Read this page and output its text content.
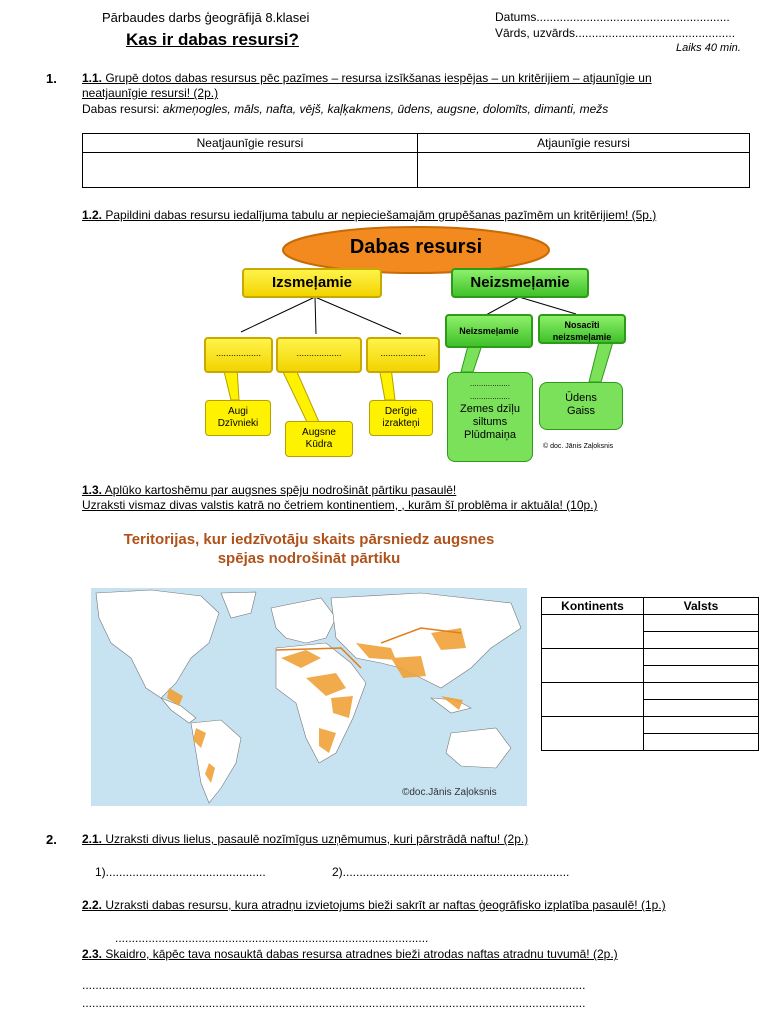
Pārbaudes darbs ģeogrāfijā 8.klasei
Kas ir dabas resursi?
Datums..........................................................
Vārds, uzvārds................................................
Laiks 40 min.
1. 1.1. Grupē dotos dabas resursus pēc pazīmes – resursa izsīkšanas iespējas – un kritērijiem – atjaunīgie un
neatjaunīgie resursi! (2p.)
Dabas resursi: akmeņogles, māls, nafta, vējš, kaļķakmens, ūdens, augsne, dolomīts, dimanti, mežs
Neatjaunīgie resursi	Atjaunīgie resursi

1.2. Papildini dabas resursu iedalījuma tabulu ar nepieciešamajām grupēšanas pazīmēm un kritērijiem! (5p.)
Dabas resursi
Izsmeļamie	Neizsmeļamie
..................	..................	..................
Neizsmeļamie
Nosacīti
neizsmeļamie
Augi
Dzīvnieki
Augsne
Kūdra
Derīgie
izrakteņi
..................
..................
Zemes dzīļu
siltums
Plūdmaiņa
Ūdens
Gaiss
© doc. Jānis Zaļoksnis
1.3. Aplūko kartoshēmu par augsnes spēju nodrošināt pārtiku pasaulē!
Uzraksti vismaz divas valstis katrā no četriem kontinentiem, , kurām šī problēma ir aktuāla! (10p.)
Teritorijas, kur iedzīvotāju skaits pārsniedz augsnes
spējas nodrošināt pārtiku
©doc.Jānis Zaļoksnis
Kontinents	Valsts

2. 2.1. Uzraksti divus lielus, pasaulē nozīmīgus uzņēmumus, kuri pārstrādā naftu! (2p.)
1)................................................	2)....................................................................
2.2. Uzraksti dabas resursu, kura atradņu izvietojums bieži sakrīt ar naftas ģeogrāfisko izplatība pasaulē! (1p.)
..............................................................................................
2.3. Skaidro, kāpēc tava nosauktā dabas resursa atradnes bieži atrodas naftas atradnu tuvumā! (2p.)
.......................................................................................................................................................
.......................................................................................................................................................
